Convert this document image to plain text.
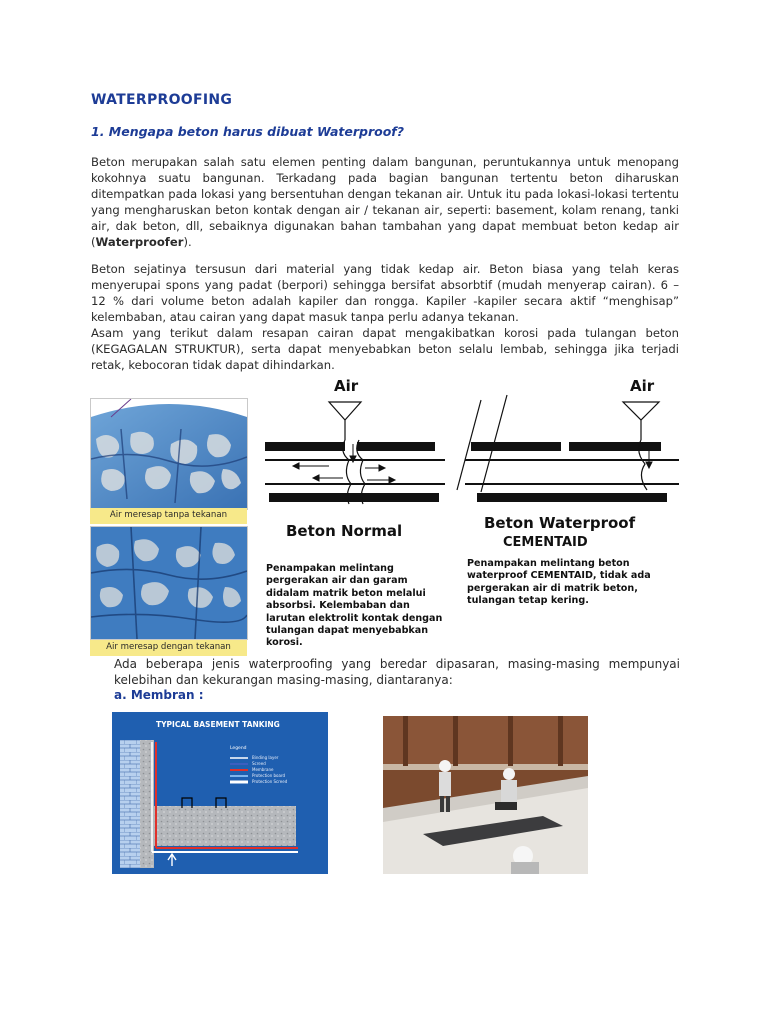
WATERPROOFING
1. Mengapa beton harus dibuat Waterproof?
Beton merupakan salah satu elemen penting dalam bangunan, peruntukannya untuk menopang kokohnya suatu bangunan. Terkadang pada bagian bangunan tertentu beton diharuskan ditempatkan pada lokasi yang bersentuhan dengan tekanan air. Untuk itu pada lokasi-lokasi tertentu yang mengharuskan beton kontak dengan air / tekanan air, seperti: basement, kolam renang, tanki air, dak beton, dll, sebaiknya digunakan bahan tambahan yang dapat membuat beton kedap air (Waterproofer).
Beton sejatinya tersusun dari material yang tidak kedap air. Beton biasa yang telah keras menyerupai spons yang padat (berpori) sehingga bersifat absorbtif (mudah menyerap cairan). 6 – 12 % dari volume beton adalah kapiler dan rongga. Kapiler -kapiler secara aktif “menghisap” kelembaban, atau cairan yang dapat masuk tanpa perlu adanya tekanan.
Asam yang terikut dalam resapan cairan dapat mengakibatkan korosi pada tulangan beton (KEGAGALAN STRUKTUR), serta dapat menyebabkan beton selalu lembab, sehingga jika terjadi retak, kebocoran tidak dapat dihindarkan.
Air meresap tanpa tekanan
Air meresap dengan tekanan
Air	Air
Beton Normal	Beton Waterproof
CEMENTAID
Penampakan melintang pergerakan air dan garam didalam matrik beton melalui absorbsi. Kelembaban dan larutan elektrolit kontak dengan tulangan dapat menyebabkan korosi.
Penampakan melintang beton waterproof CEMENTAID, tidak ada pergerakan air di matrik beton, tulangan tetap kering.
Ada beberapa jenis waterproofing yang beredar dipasaran, masing-masing mempunyai kelebihan dan kekurangan masing-masing, diantaranya:
a. Membran :
TYPICAL BASEMENT TANKING
Legend
Binding layer
Screed
Membrane
Protection board
Protection Screed
